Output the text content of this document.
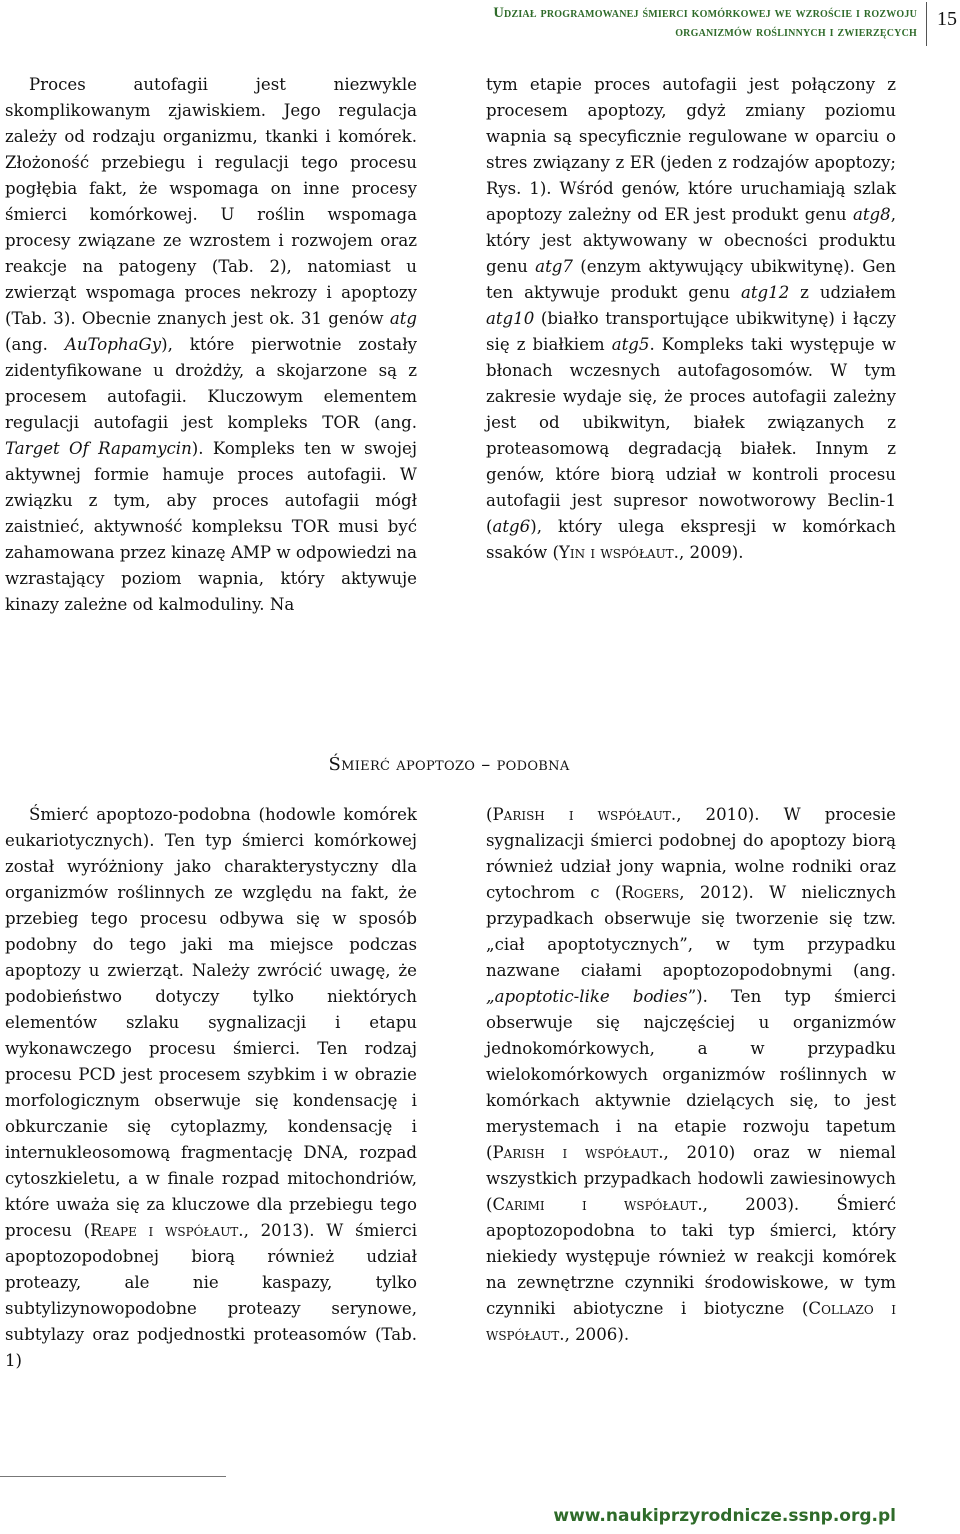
Udział programowanej śmierci komórkowej we wzroście i rozwoju
organizmów roślinnych i zwierzęcych
15

Proces autofagii jest niezwykle skomplikowanym zjawiskiem. Jego regulacja zależy od rodzaju organizmu, tkanki i komórek. Złożoność przebiegu i regulacji tego procesu pogłębia fakt, że wspomaga on inne procesy śmierci komórkowej. U roślin wspomaga procesy związane ze wzrostem i rozwojem oraz reakcje na patogeny (Tab. 2), natomiast u zwierząt wspomaga proces nekrozy i apoptozy (Tab. 3). Obecnie znanych jest ok. 31 genów atg (ang. AuTophaGy), które pierwotnie zostały zidentyfikowane u drożdży, a skojarzone są z procesem autofagii. Kluczowym elementem regulacji autofagii jest kompleks TOR (ang. Target Of Rapamycin). Kompleks ten w swojej aktywnej formie hamuje proces autofagii. W związku z tym, aby proces autofagii mógł zaistnieć, aktywność kompleksu TOR musi być zahamowana przez kinazę AMP w odpowiedzi na wzrastający poziom wapnia, który aktywuje kinazy zależne od kalmoduliny. Na

tym etapie proces autofagii jest połączony z procesem apoptozy, gdyż zmiany poziomu wapnia są specyficznie regulowane w oparciu o stres związany z ER (jeden z rodzajów apoptozy; Rys. 1). Wśród genów, które uruchamiają szlak apoptozy zależny od ER jest produkt genu atg8, który jest aktywowany w obecności produktu genu atg7 (enzym aktywujący ubikwitynę). Gen ten aktywuje produkt genu atg12 z udziałem atg10 (białko transportujące ubikwitynę) i łączy się z białkiem atg5. Kompleks taki występuje w błonach wczesnych autofagosomów. W tym zakresie wydaje się, że proces autofagii zależny jest od ubikwityn, białek związanych z proteasomową degradacją białek. Innym z genów, które biorą udział w kontroli procesu autofagii jest supresor nowotworowy Beclin-1 (atg6), który ulega ekspresji w komórkach ssaków (Yin i współaut., 2009).

Śmierć apoptozo – podobna

Śmierć apoptozo-podobna (hodowle komórek eukariotycznych). Ten typ śmierci komórkowej został wyróżniony jako charakterystyczny dla organizmów roślinnych ze względu na fakt, że przebieg tego procesu odbywa się w sposób podobny do tego jaki ma miejsce podczas apoptozy u zwierząt. Należy zwrócić uwagę, że podobieństwo dotyczy tylko niektórych elementów szlaku sygnalizacji i etapu wykonawczego procesu śmierci. Ten rodzaj procesu PCD jest procesem szybkim i w obrazie morfologicznym obserwuje się kondensację i obkurczanie się cytoplazmy, kondensację i internukleosomową fragmentację DNA, rozpad cytoszkieletu, a w finale rozpad mitochondriów, które uważa się za kluczowe dla przebiegu tego procesu (Reape i współaut., 2013). W śmierci apoptozopodobnej biorą również udział proteazy, ale nie kaspazy, tylko subtylizynowopodobne proteazy serynowe, subtylazy oraz podjednostki proteasomów (Tab. 1)

(Parish i współaut., 2010). W procesie sygnalizacji śmierci podobnej do apoptozy biorą również udział jony wapnia, wolne rodniki oraz cytochrom c (Rogers, 2012). W nielicznych przypadkach obserwuje się tworzenie się tzw. „ciał apoptotycznych”, w tym przypadku nazwane ciałami apoptozopodobnymi (ang. „apoptotic-like bodies”). Ten typ śmierci obserwuje się najczęściej u organizmów jednokomórkowych, a w przypadku wielokomórkowych organizmów roślinnych w komórkach aktywnie dzielących się, to jest merystemach i na etapie rozwoju tapetum (Parish i współaut., 2010) oraz w niemal wszystkich przypadkach hodowli zawiesinowych (Carimi i współaut., 2003). Śmierć apoptozopodobna to taki typ śmierci, który niekiedy występuje również w reakcji komórek na zewnętrzne czynniki środowiskowe, w tym czynniki abiotyczne i biotyczne (Collazo i współaut., 2006).

www.naukiprzyrodnicze.ssnp.org.pl
